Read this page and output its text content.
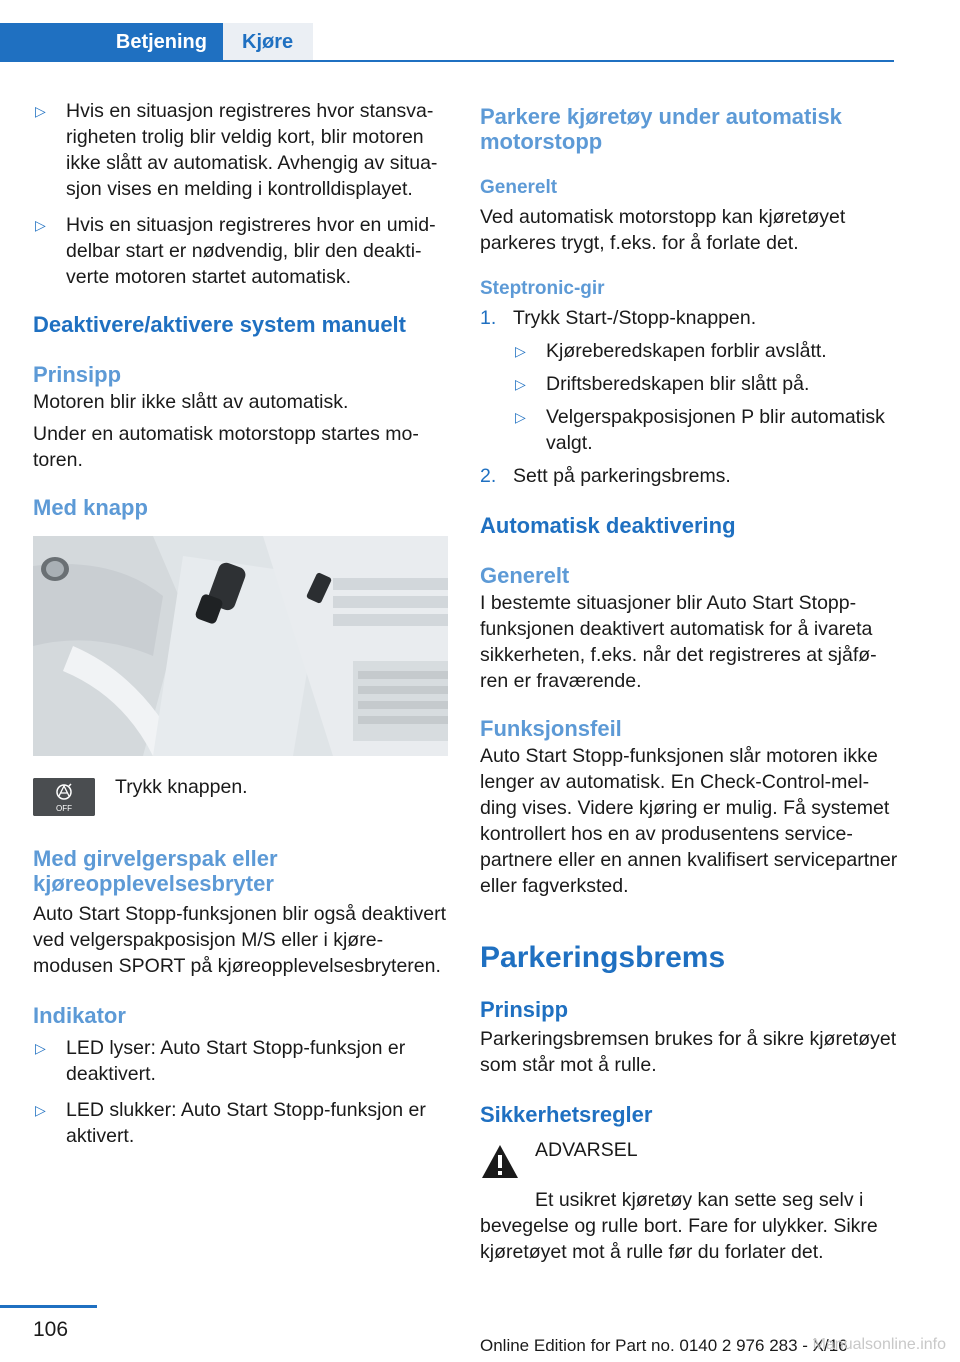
Betjening	Kjøre
▷	Hvis en situasjon registreres hvor stansvarigheten trolig blir veldig kort, blir motoren ikke slått av automatisk. Avhengig av situasjon vises en melding i kontrolldisplayet.
▷	Hvis en situasjon registreres hvor en umiddelbar start er nødvendig, blir den deaktiverte motoren startet automatisk.
Deaktivere/aktivere system manuelt
Prinsipp

Motoren blir ikke slått av automatisk.

Under en automatisk motorstopp startes motoren.

Med knapp
OFF

Trykk knappen.

Med girvelgerspak eller kjøreopplevelsesbryter

Auto Start Stopp-funksjonen blir også deaktivert ved velgerspakposisjon M/S eller i kjøremodusen SPORT på kjøreopplevelsesbryteren.

Indikator
▷	LED lyser: Auto Start Stopp-funksjon er deaktivert.
▷	LED slukker: Auto Start Stopp-funksjon er aktivert.
Parkere kjøretøy under automatisk motorstopp
Generelt

Ved automatisk motorstopp kan kjøretøyet parkeres trygt, f.eks. for å forlate det.

Steptronic-gir
1. Trykk Start-/Stopp-knappen.
▷	Kjøreberedskapen forblir avslått.
▷	Driftsberedskapen blir slått på.
▷	Velgerspakposisjonen P blir automatisk valgt.
2. Sett på parkeringsbrems.
Automatisk deaktivering
Generelt

I bestemte situasjoner blir Auto Start Stopp-funksjonen deaktivert automatisk for å ivareta sikkerheten, f.eks. når det registreres at sjåføren er fraværende.

Funksjonsfeil

Auto Start Stopp-funksjonen slår motoren ikke lenger av automatisk. En Check-Control-melding vises. Videre kjøring er mulig. Få systemet kontrollert hos en av produsentens servicepartnere eller en annen kvalifisert servicepartner eller fagverksted.

Parkeringsbrems
Prinsipp

Parkeringsbremsen brukes for å sikre kjøretøyet som står mot å rulle.

Sikkerhetsregler

ADVARSEL

Et usikret kjøretøy kan sette seg selv i bevegelse og rulle bort. Fare for ulykker. Sikre kjøretøyet mot å rulle før du forlater det.

106
Online Edition for Part no. 0140 2 976 283 - X/16
Manualsonline.info
